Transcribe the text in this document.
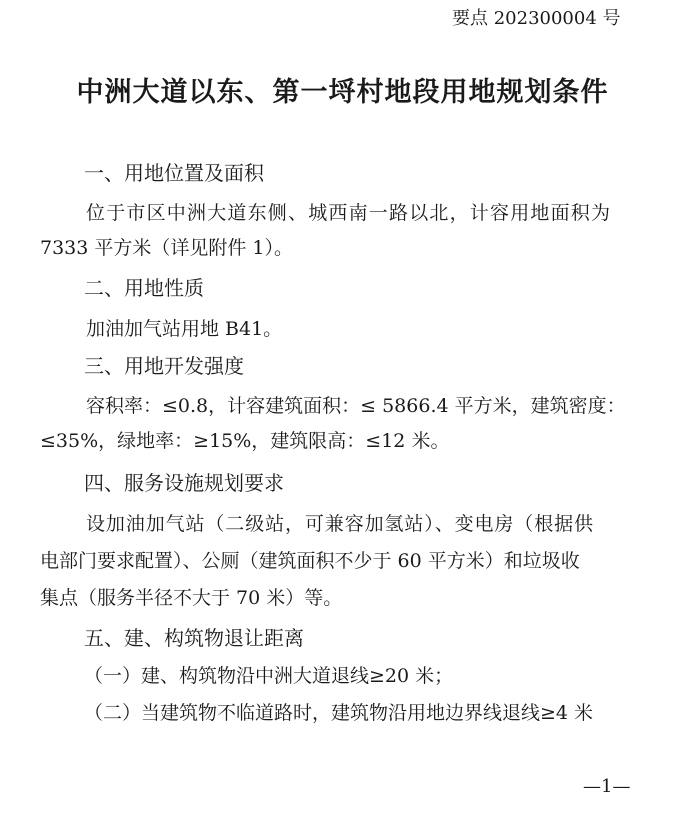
要点 202300004 号
中洲大道以东、第一埒村地段用地规划条件
一、用地位置及面积
位于市区中洲大道东侧、城西南一路以北，计容用地面积为
7333 平方米（详见附件 1）。
二、用地性质
加油加气站用地 B41。
三、用地开发强度
容积率：≤0.8，计容建筑面积：≤ 5866.4 平方米，建筑密度：
≤35%，绿地率：≥15%，建筑限高：≤12 米。
四、服务设施规划要求
设加油加气站（二级站，可兼容加氢站）、变电房（根据供
电部门要求配置）、公厕（建筑面积不少于 60 平方米）和垃圾收
集点（服务半径不大于 70 米）等。
五、建、构筑物退让距离
（一）建、构筑物沿中洲大道退线≥20 米；
（二）当建筑物不临道路时，建筑物沿用地边界线退线≥4 米
—1—
